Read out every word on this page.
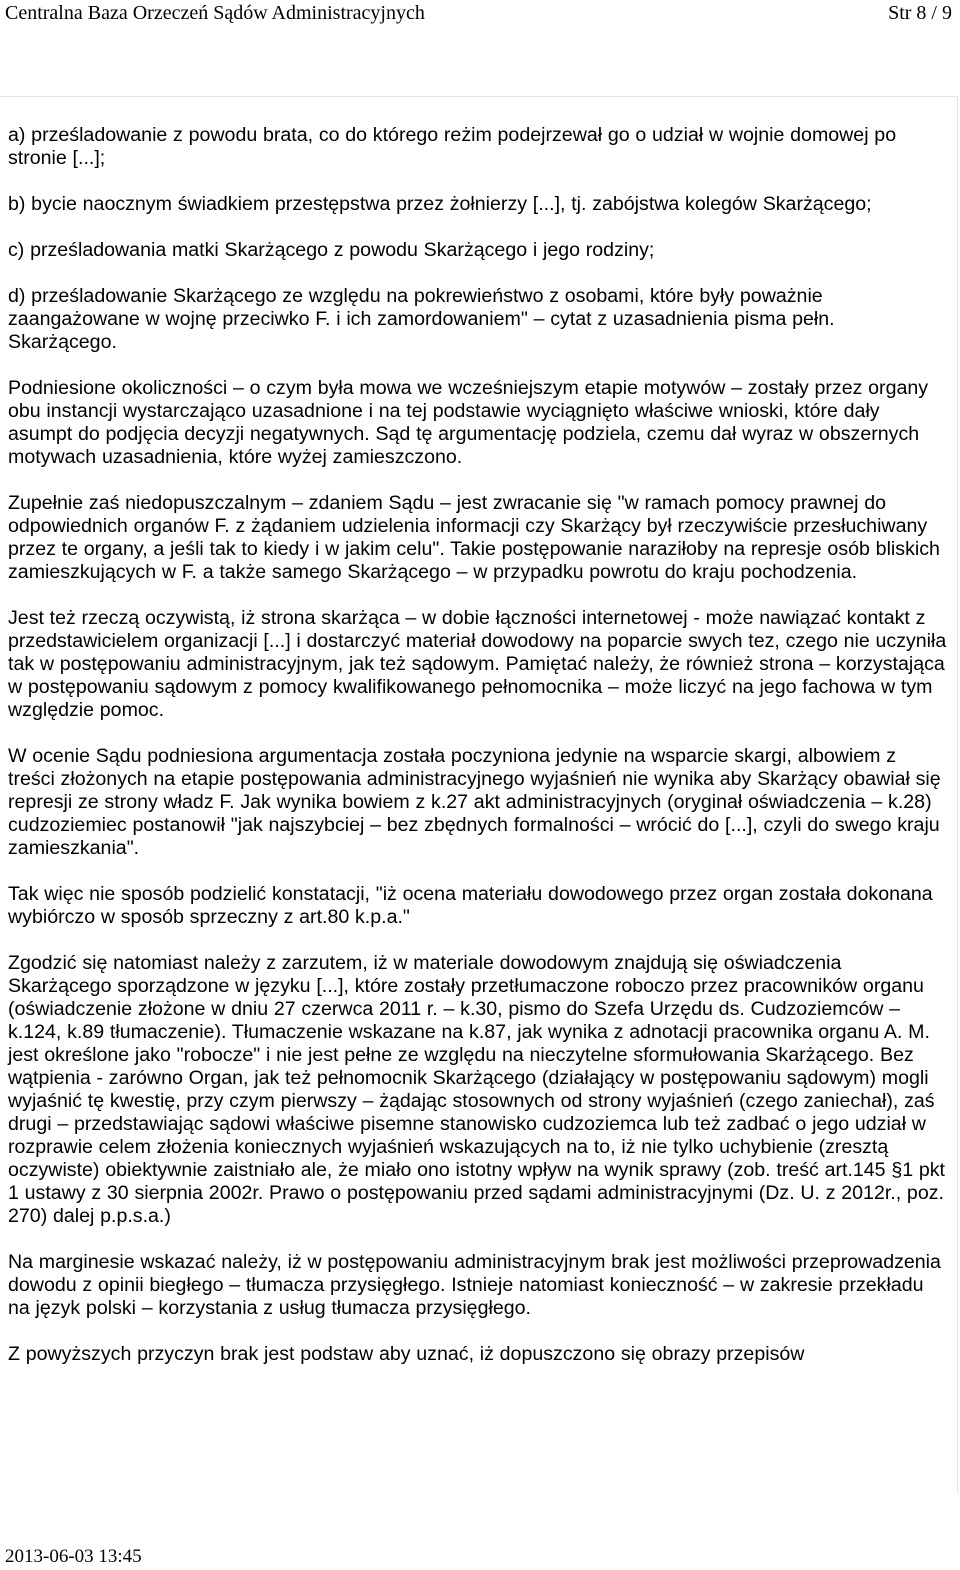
Centralna Baza Orzeczeń Sądów Administracyjnych	Str 8 / 9

a) prześladowanie z powodu brata, co do którego reżim podejrzewał go o udział w wojnie domowej po stronie [...];

b) bycie naocznym świadkiem przestępstwa przez żołnierzy [...], tj. zabójstwa kolegów Skarżącego;

c) prześladowania matki Skarżącego z powodu Skarżącego i jego rodziny;

d) prześladowanie Skarżącego ze względu na pokrewieństwo z osobami, które były poważnie zaangażowane w wojnę przeciwko F. i ich zamordowaniem" – cytat z uzasadnienia pisma pełn. Skarżącego.

Podniesione okoliczności – o czym była mowa we wcześniejszym etapie motywów – zostały przez organy obu instancji wystarczająco uzasadnione i na tej podstawie wyciągnięto właściwe wnioski, które dały asumpt do podjęcia decyzji negatywnych. Sąd tę argumentację podziela, czemu dał wyraz w obszernych motywach uzasadnienia, które wyżej zamieszczono.

Zupełnie zaś niedopuszczalnym – zdaniem Sądu – jest zwracanie się "w ramach pomocy prawnej do odpowiednich organów F. z żądaniem udzielenia informacji czy Skarżący był rzeczywiście przesłuchiwany przez te organy, a jeśli tak to kiedy i w jakim celu". Takie postępowanie naraziłoby na represje osób bliskich zamieszkujących w F. a także samego Skarżącego – w przypadku powrotu do kraju pochodzenia.

Jest też rzeczą oczywistą, iż strona skarżąca – w dobie łączności internetowej - może nawiązać kontakt z przedstawicielem organizacji [...] i dostarczyć materiał dowodowy na poparcie swych tez, czego nie uczyniła tak w postępowaniu administracyjnym, jak też sądowym. Pamiętać należy, że również strona – korzystająca w postępowaniu sądowym z pomocy kwalifikowanego pełnomocnika – może liczyć na jego fachowa w tym względzie pomoc.

W ocenie Sądu podniesiona argumentacja została poczyniona jedynie na wsparcie skargi, albowiem z treści złożonych na etapie postępowania administracyjnego wyjaśnień nie wynika aby Skarżący obawiał się represji ze strony władz F. Jak wynika bowiem z k.27 akt administracyjnych (oryginał oświadczenia – k.28) cudzoziemiec postanowił "jak najszybciej – bez zbędnych formalności – wrócić do [...], czyli do swego kraju zamieszkania".

Tak więc nie sposób podzielić konstatacji, "iż ocena materiału dowodowego przez organ została dokonana wybiórczo w sposób sprzeczny z art.80 k.p.a."

Zgodzić się natomiast należy z zarzutem, iż w materiale dowodowym znajdują się oświadczenia Skarżącego sporządzone w języku [...], które zostały przetłumaczone roboczo przez pracowników organu (oświadczenie złożone w dniu 27 czerwca 2011 r. – k.30, pismo do Szefa Urzędu ds. Cudzoziemców – k.124, k.89 tłumaczenie). Tłumaczenie wskazane na k.87, jak wynika z adnotacji pracownika organu A. M. jest określone jako "robocze" i nie jest pełne ze względu na nieczytelne sformułowania Skarżącego. Bez wątpienia - zarówno Organ, jak też pełnomocnik Skarżącego (działający w postępowaniu sądowym) mogli wyjaśnić tę kwestię, przy czym pierwszy – żądając stosownych od strony wyjaśnień (czego zaniechał), zaś drugi – przedstawiając sądowi właściwe pisemne stanowisko cudzoziemca lub też zadbać o jego udział w rozprawie celem złożenia koniecznych wyjaśnień wskazujących na to, iż nie tylko uchybienie (zresztą oczywiste) obiektywnie zaistniało ale, że miało ono istotny wpływ na wynik sprawy (zob. treść art.145 §1 pkt 1 ustawy z 30 sierpnia 2002r. Prawo o postępowaniu przed sądami administracyjnymi (Dz. U. z 2012r., poz. 270) dalej p.p.s.a.)

Na marginesie wskazać należy, iż w postępowaniu administracyjnym brak jest możliwości przeprowadzenia dowodu z opinii biegłego – tłumacza przysięgłego. Istnieje natomiast konieczność – w zakresie przekładu na język polski – korzystania z usług tłumacza przysięgłego.

Z powyższych przyczyn brak jest podstaw aby uznać, iż dopuszczono się obrazy przepisów

2013-06-03 13:45
